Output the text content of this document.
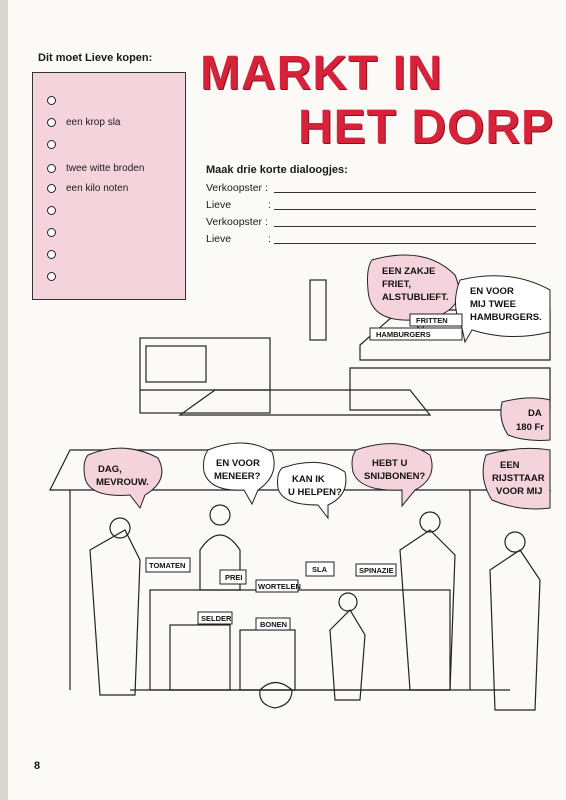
Dit moet Lieve kopen:
een krop sla
twee witte broden
een kilo noten
MARKT IN
HET DORP
Maak drie korte dialoogjes:
Verkoopster :
Lieve	:
Verkoopster :
Lieve	:
EEN ZAKJE
FRIET,
ALSTUBLIEFT.
EN VOOR
MIJ TWEE
HAMBURGERS.
DAG,
MEVROUW.
EN VOOR
MENEER?	KAN IK
U HELPEN?
HEBT U
SNIJBONEN?
DA
180 Fr
EEN
RIJSTTAAR
VOOR MIJ
FRITTEN
HAMBURGERS
TOMATEN
PREI
WORTELEN
SLA	SPINAZIE
SELDER
BONEN
8
